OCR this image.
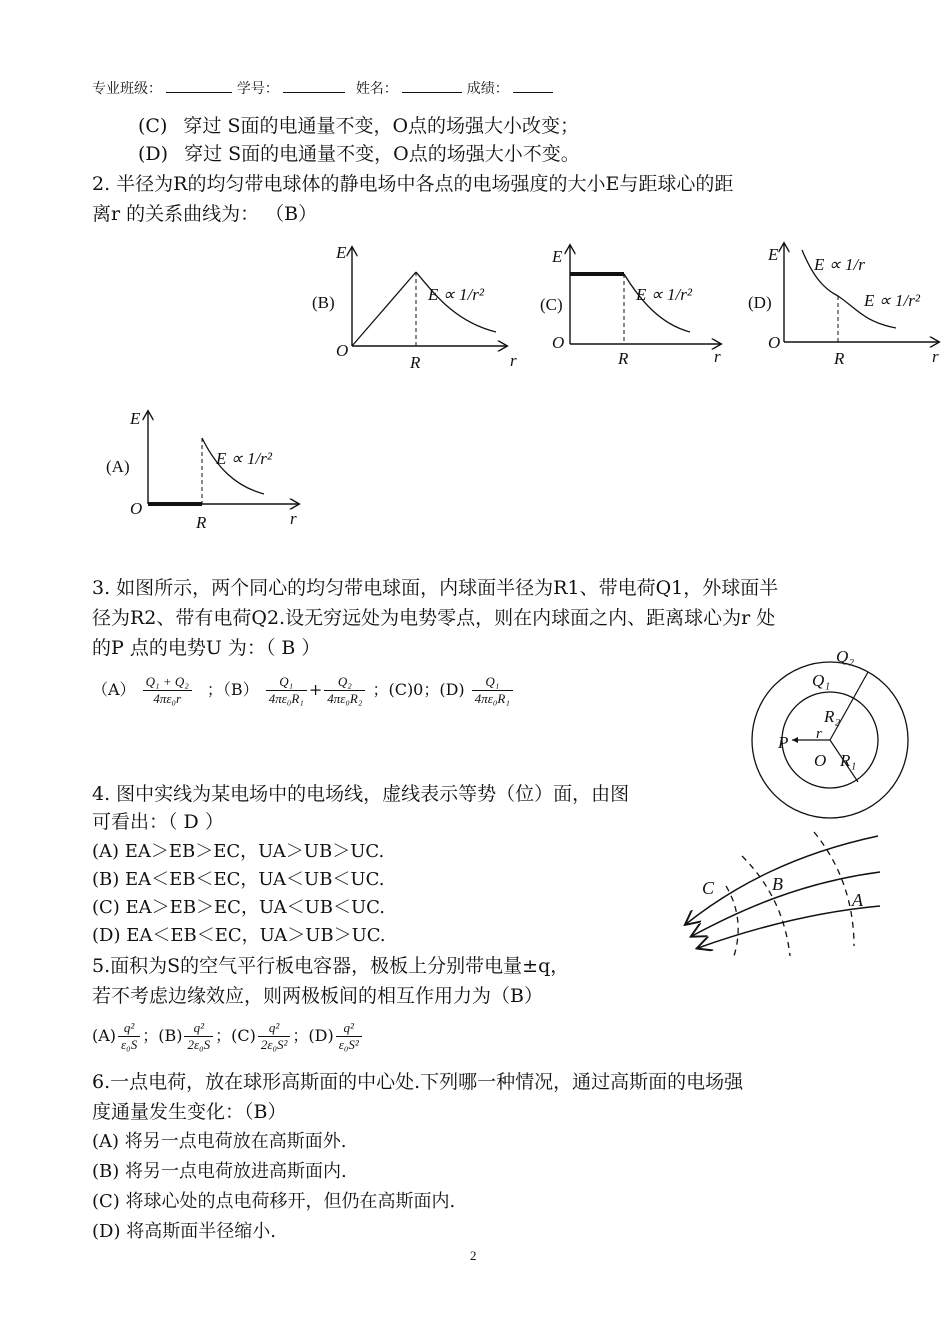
专业班级：	学号：	姓名：	成绩：
(C) 穿过 S面的电通量不变，O点的场强大小改变；
(D) 穿过 S面的电通量不变，O点的场强大小不变。
2. 半径为R的均匀带电球体的静电场中各点的电场强度的大小E与距球心的距
离r 的关系曲线为： （B）
E
(B)
O
R	r
E ∝ 1/r²
E
(C)
O
R	r
E ∝ 1/r²
E
(D)
O
R	r
E ∝ 1/r
E ∝ 1/r²
E
(A)
O
R	r
E ∝ 1/r²
3. 如图所示，两个同心的均匀带电球面，内球面半径为R1、带电荷Q1，外球面半
径为R2、带有电荷Q2.设无穷远处为电势零点，则在内球面之内、距离球心为r 处
的P 点的电势U 为：（ B ）
$(A) \frac{\text{Q₁ + Q₂}}{\text{4πε₀r}}$ ；$(B) \frac{\text{Q₁}}{\text{4πε₀R₁}} + \frac{\text{Q₂}}{\text{4πε₀R₂}}$ ；(C)0；$(D) \frac{\text{Q₁}}{\text{4πε₀R₁}}$
Q₂
Q₁
R₂
P r
O R₁
4. 图中实线为某电场中的电场线，虚线表示等势（位）面，由图
可看出：（ D ）
(A) EA＞EB＞EC，UA＞UB＞UC.
(B) EA＜EB＜EC，UA＜UB＜UC.
(C) EA＞EB＞EC，UA＜UB＜UC.
(D) EA＜EB＜EC，UA＞UB＞UC.
C	B
A
5.面积为S的空气平行板电容器，极板上分别带电量±q，
若不考虑边缘效应，则两极板间的相互作用力为（B）
$(A) \frac{\text{q²}}{\text{ε₀S}}$ ；$(B) \frac{\text{q²}}{\text{2ε₀S}}$ ；$(C) \frac{\text{q²}}{\text{2ε₀S²}}$ ；$(D) \frac{\text{q²}}{\text{ε₀S²}}$
6.一点电荷，放在球形高斯面的中心处.下列哪一种情况，通过高斯面的电场强
度通量发生变化：（B）
(A) 将另一点电荷放在高斯面外.
(B) 将另一点电荷放进高斯面内.
(C) 将球心处的点电荷移开，但仍在高斯面内.
(D) 将高斯面半径缩小.
2
